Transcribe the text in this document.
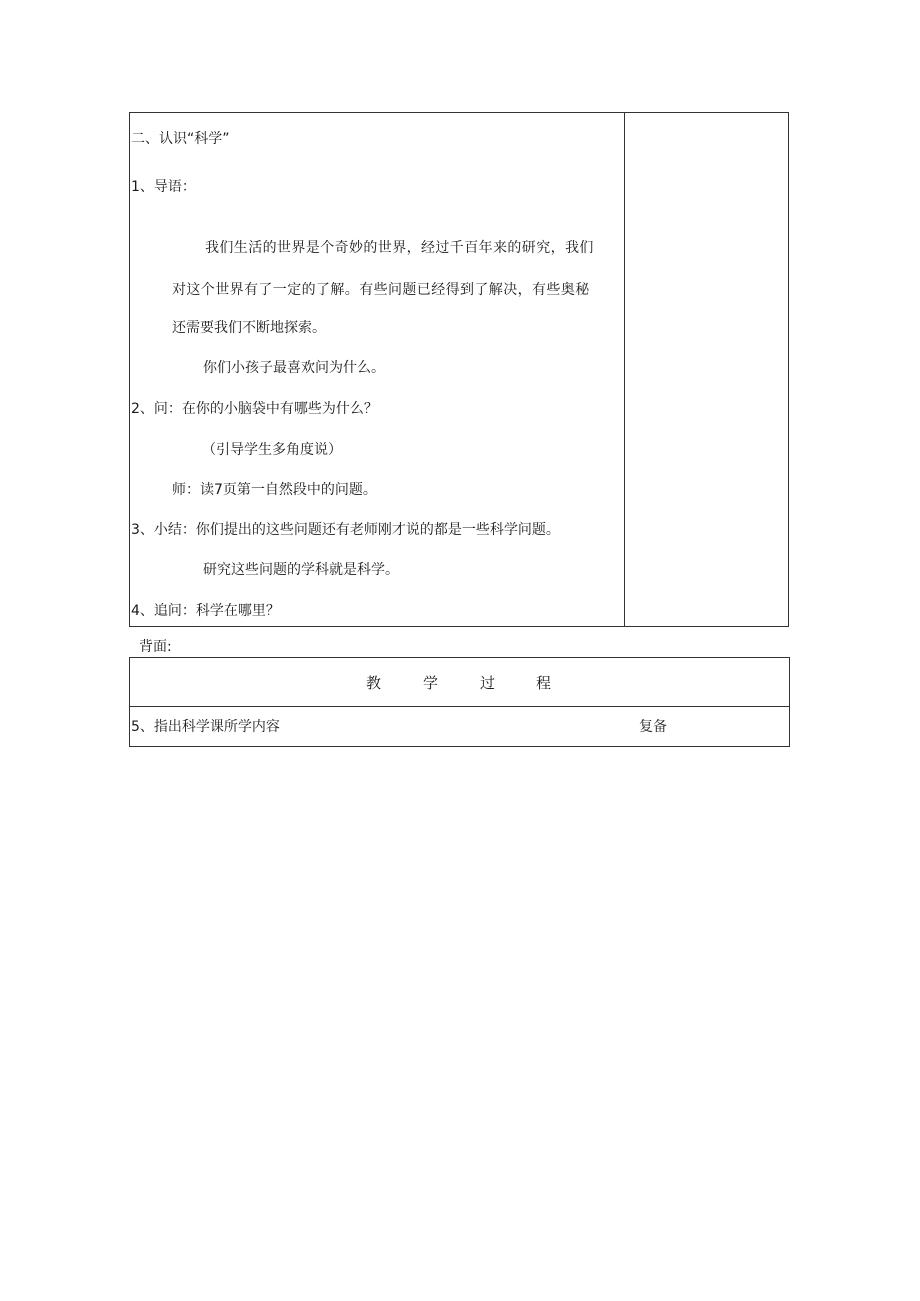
二、认识“科学”
1、导语：
我们生活的世界是个奇妙的世界，经过千百年来的研究，我们
对这个世界有了一定的了解。有些问题已经得到了解决，有些奥秘
还需要我们不断地探索。
你们小孩子最喜欢问为什么。
2、问：在你的小脑袋中有哪些为什么？
（引导学生多角度说）
师：读7页第一自然段中的问题。
3、小结：你们提出的这些问题还有老师刚才说的都是一些科学问题。
研究这些问题的学科就是科学。
4、追问：科学在哪里？
背面:
教	学	过	程
5、指出科学课所学内容	复备
